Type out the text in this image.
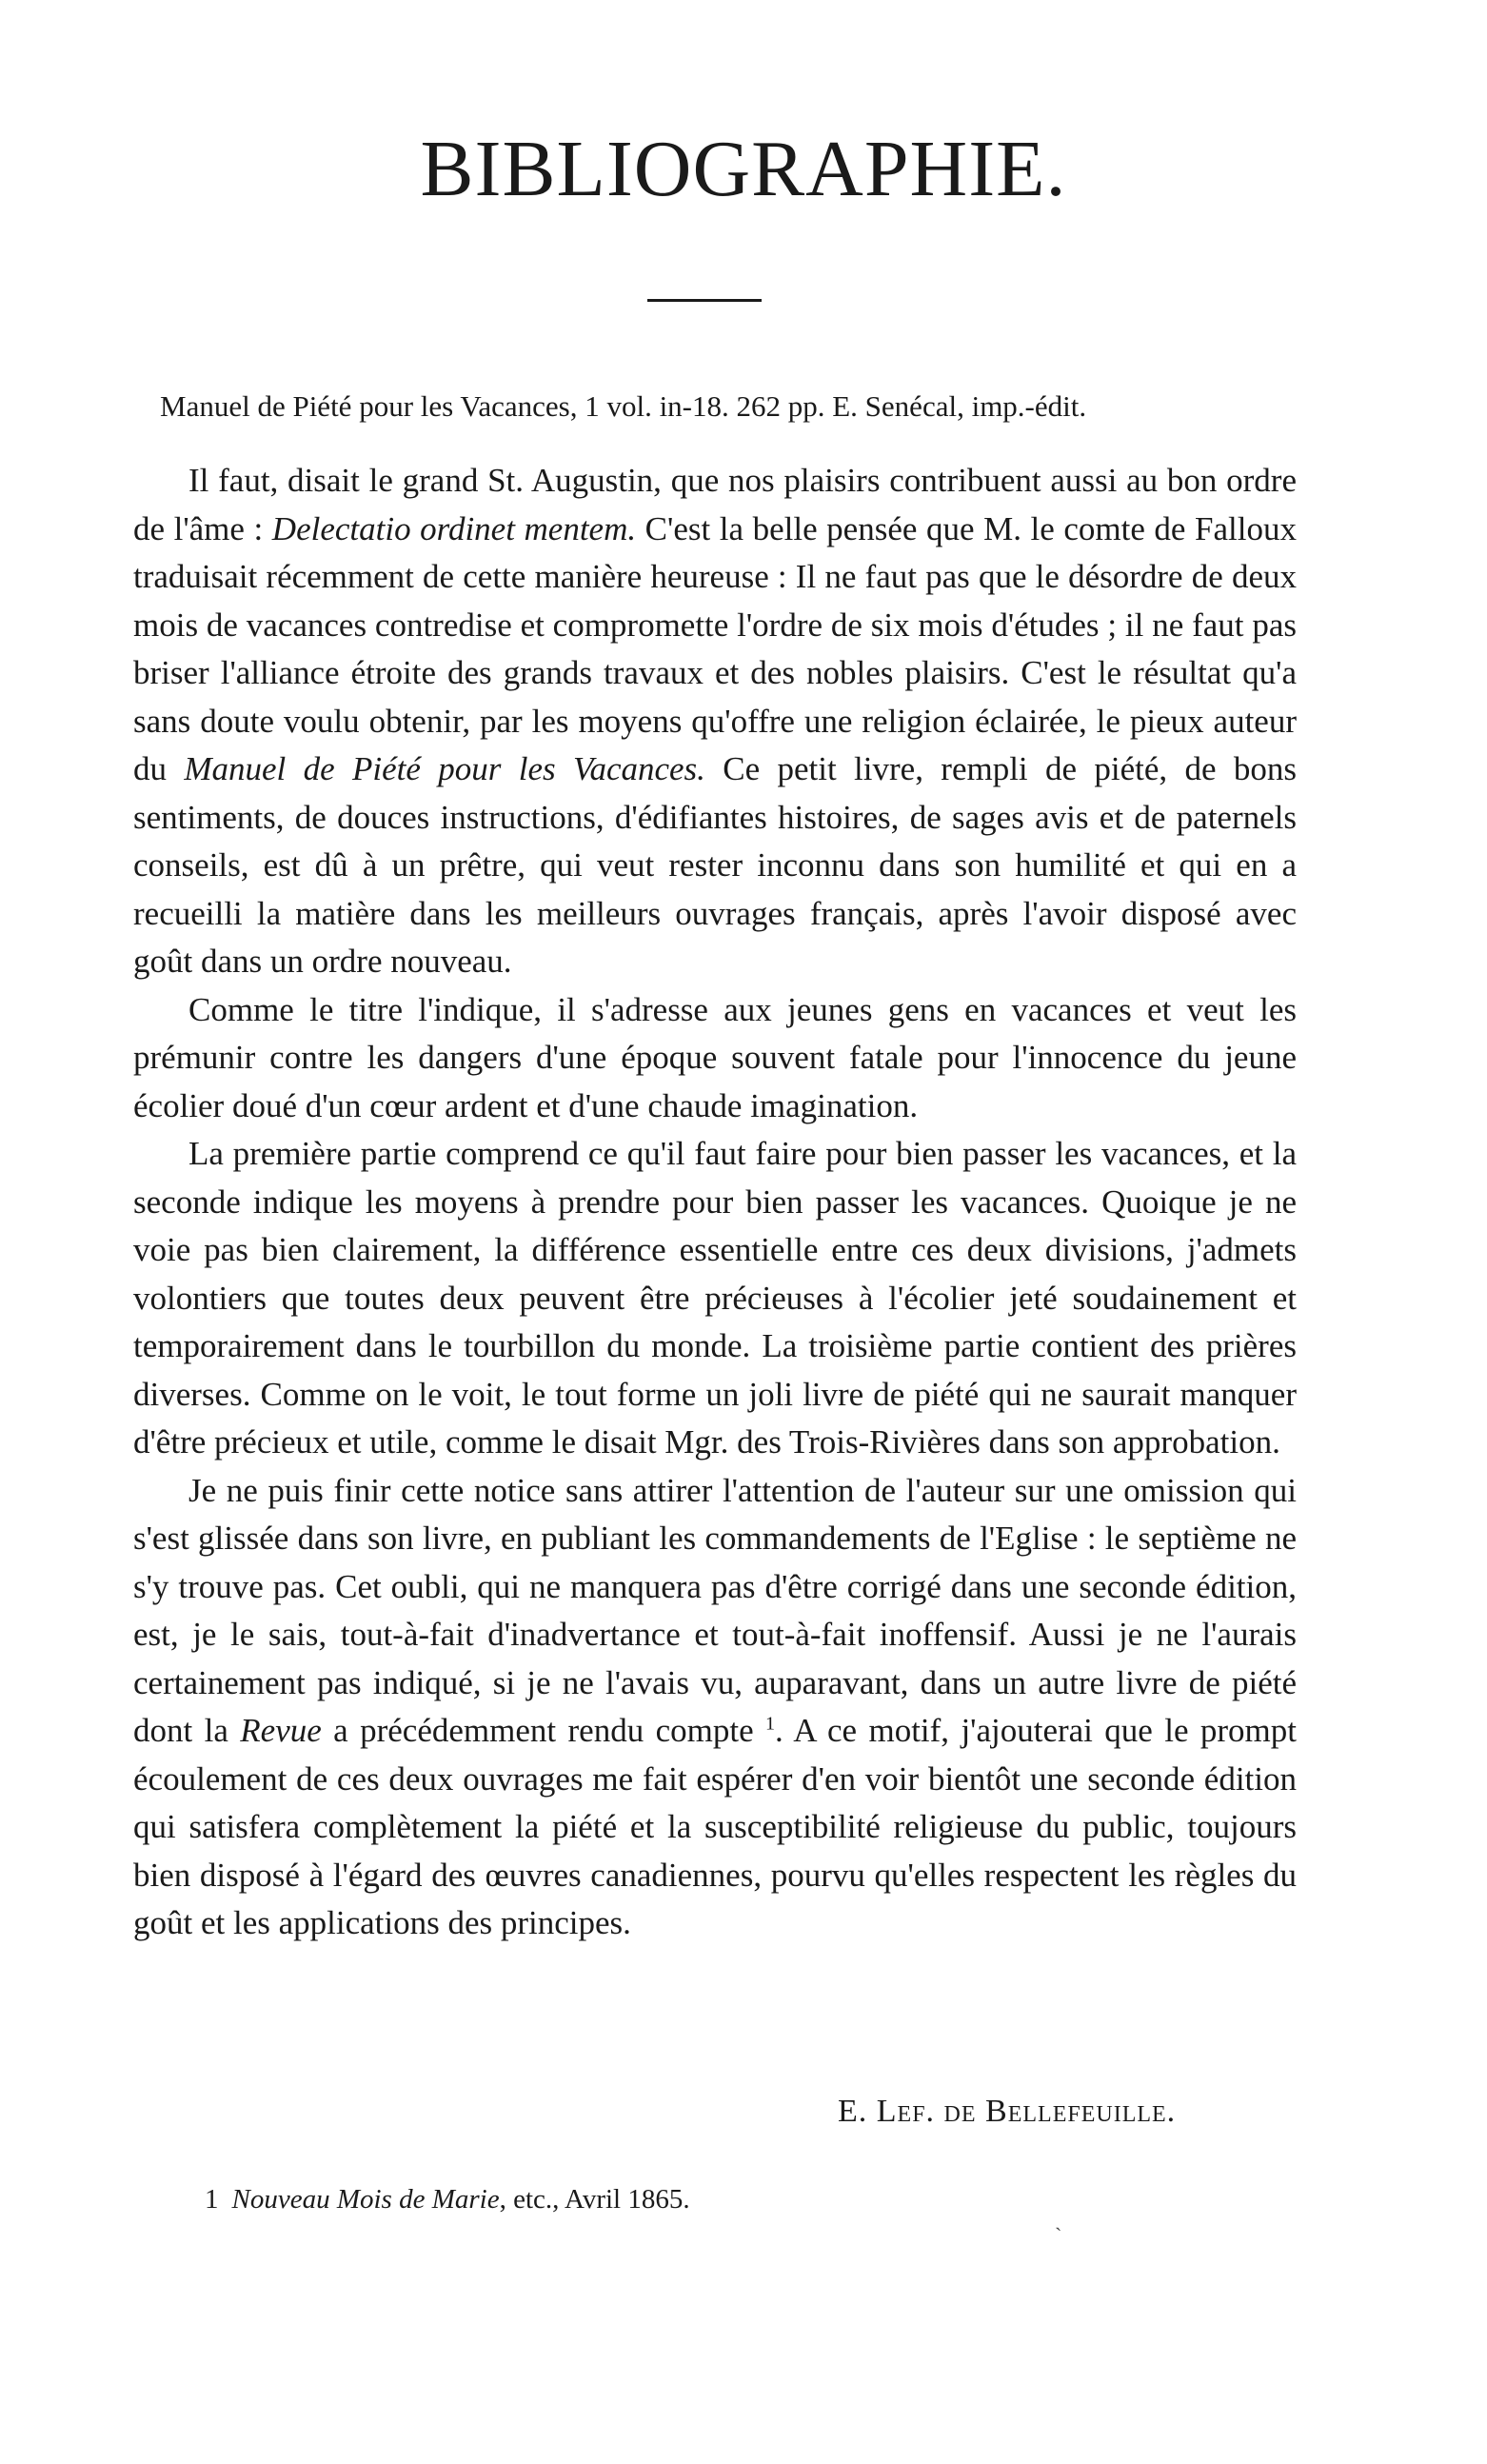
BIBLIOGRAPHIE.

Manuel de Piété pour les Vacances, 1 vol. in-18. 262 pp. E. Senécal, imp.-édit.

Il faut, disait le grand St. Augustin, que nos plaisirs contribuent aussi au bon ordre de l'âme : Delectatio ordinet mentem. C'est la belle pensée que M. le comte de Falloux traduisait récemment de cette manière heureuse : Il ne faut pas que le désordre de deux mois de vacances contredise et compromette l'ordre de six mois d'études ; il ne faut pas briser l'alliance étroite des grands travaux et des nobles plaisirs. C'est le résultat qu'a sans doute voulu obtenir, par les moyens qu'offre une religion éclairée, le pieux auteur du Manuel de Piété pour les Vacances. Ce petit livre, rempli de piété, de bons sentiments, de douces instructions, d'édifiantes histoires, de sages avis et de paternels conseils, est dû à un prêtre, qui veut rester inconnu dans son humilité et qui en a recueilli la matière dans les meilleurs ouvrages français, après l'avoir disposé avec goût dans un ordre nouveau.

Comme le titre l'indique, il s'adresse aux jeunes gens en vacances et veut les prémunir contre les dangers d'une époque souvent fatale pour l'innocence du jeune écolier doué d'un cœur ardent et d'une chaude imagination.

La première partie comprend ce qu'il faut faire pour bien passer les vacances, et la seconde indique les moyens à prendre pour bien passer les vacances. Quoique je ne voie pas bien clairement, la différence essentielle entre ces deux divisions, j'admets volontiers que toutes deux peuvent être précieuses à l'écolier jeté soudainement et temporairement dans le tourbillon du monde. La troisième partie contient des prières diverses. Comme on le voit, le tout forme un joli livre de piété qui ne saurait manquer d'être précieux et utile, comme le disait Mgr. des Trois-Rivières dans son approbation.

Je ne puis finir cette notice sans attirer l'attention de l'auteur sur une omission qui s'est glissée dans son livre, en publiant les commandements de l'Eglise : le septième ne s'y trouve pas. Cet oubli, qui ne manquera pas d'être corrigé dans une seconde édition, est, je le sais, tout-à-fait d'inadvertance et tout-à-fait inoffensif. Aussi je ne l'aurais certainement pas indiqué, si je ne l'avais vu, auparavant, dans un autre livre de piété dont la Revue a précédemment rendu compte $^1$. A ce motif, j'ajouterai que le prompt écoulement de ces deux ouvrages me fait espérer d'en voir bientôt une seconde édition qui satisfera complètement la piété et la susceptibilité religieuse du public, toujours bien disposé à l'égard des œuvres canadiennes, pourvu qu'elles respectent les règles du goût et les applications des principes.

E. Lef. de Bellefeuille.

1 Nouveau Mois de Marie, etc., Avril 1865.

ˎ
